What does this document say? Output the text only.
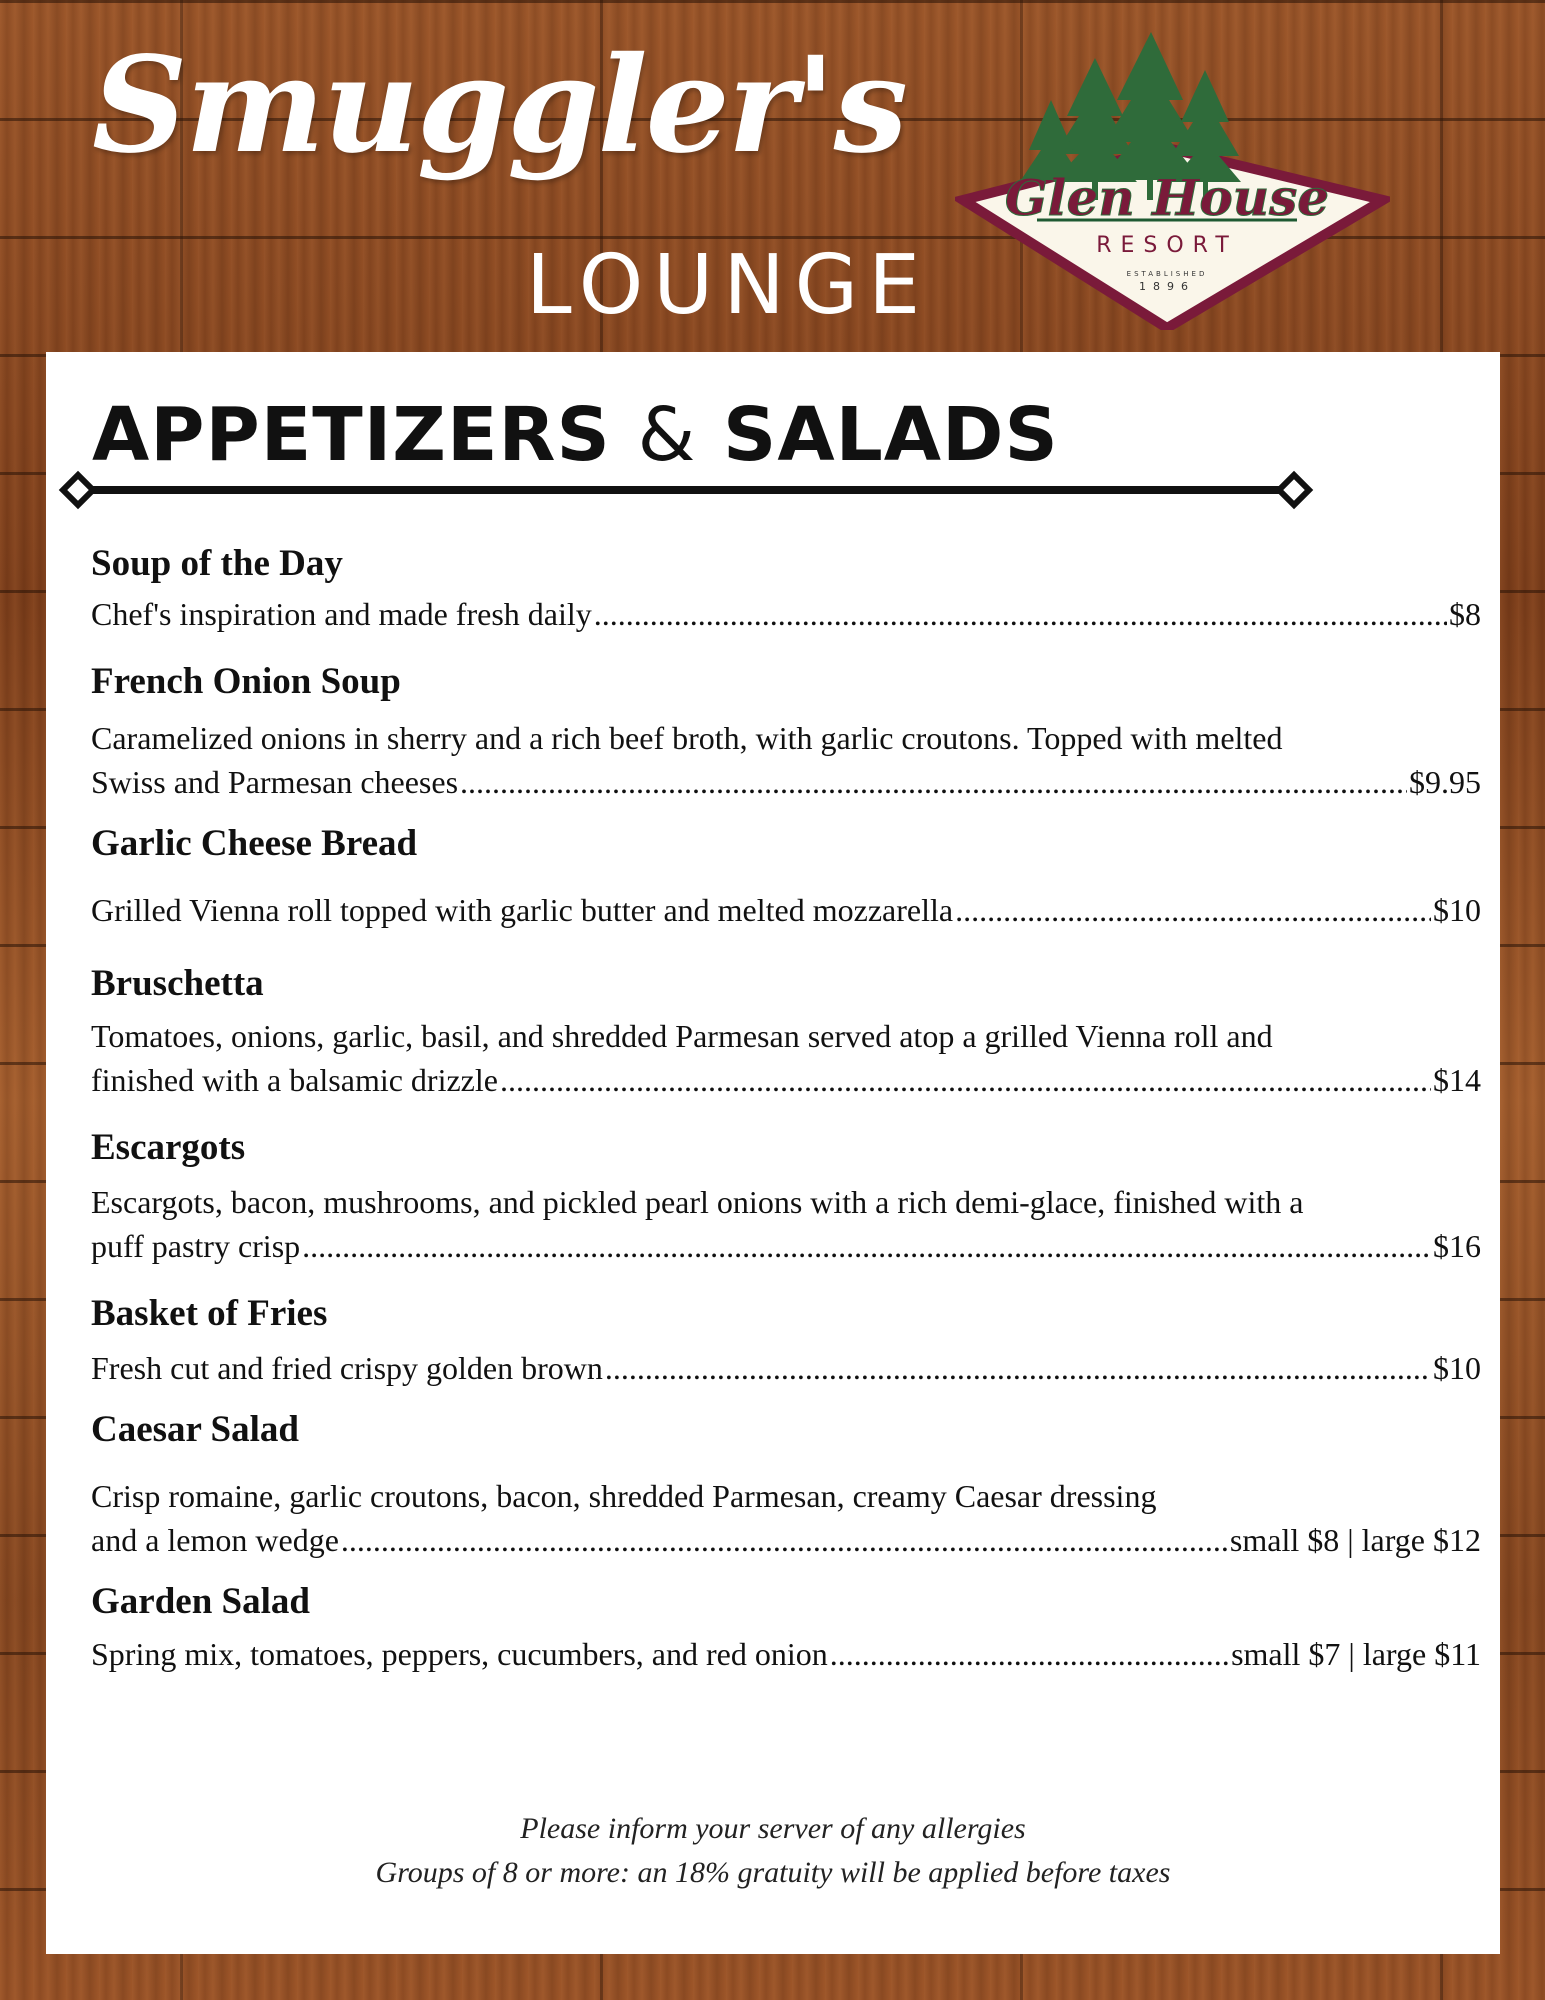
Smuggler's
LOUNGE
Glen House
RESORT
ESTABLISHED
1896
APPETIZERS & SALADS

Soup of the Day

Chef's inspiration and made fresh daily .....	$8

French Onion Soup

Caramelized onions in sherry and a rich beef broth, with garlic croutons. Topped with melted

Swiss and Parmesan cheeses .....	$9.95

Garlic Cheese Bread

Grilled Vienna roll topped with garlic butter and melted mozzarella .....	$10

Bruschetta

Tomatoes, onions, garlic, basil, and shredded Parmesan served atop a grilled Vienna roll and

finished with a balsamic drizzle .....	$14

Escargots

Escargots, bacon, mushrooms, and pickled pearl onions with a rich demi-glace, finished with a

puff pastry crisp .....	$16

Basket of Fries

Fresh cut and fried crispy golden brown .....	$10

Caesar Salad

Crisp romaine, garlic croutons, bacon, shredded Parmesan, creamy Caesar dressing

and a lemon wedge .....	small $8 | large $12

Garden Salad

Spring mix, tomatoes, peppers, cucumbers, and red onion .....	small $7 | large $11
Please inform your server of any allergies
Groups of 8 or more: an 18% gratuity will be applied before taxes
